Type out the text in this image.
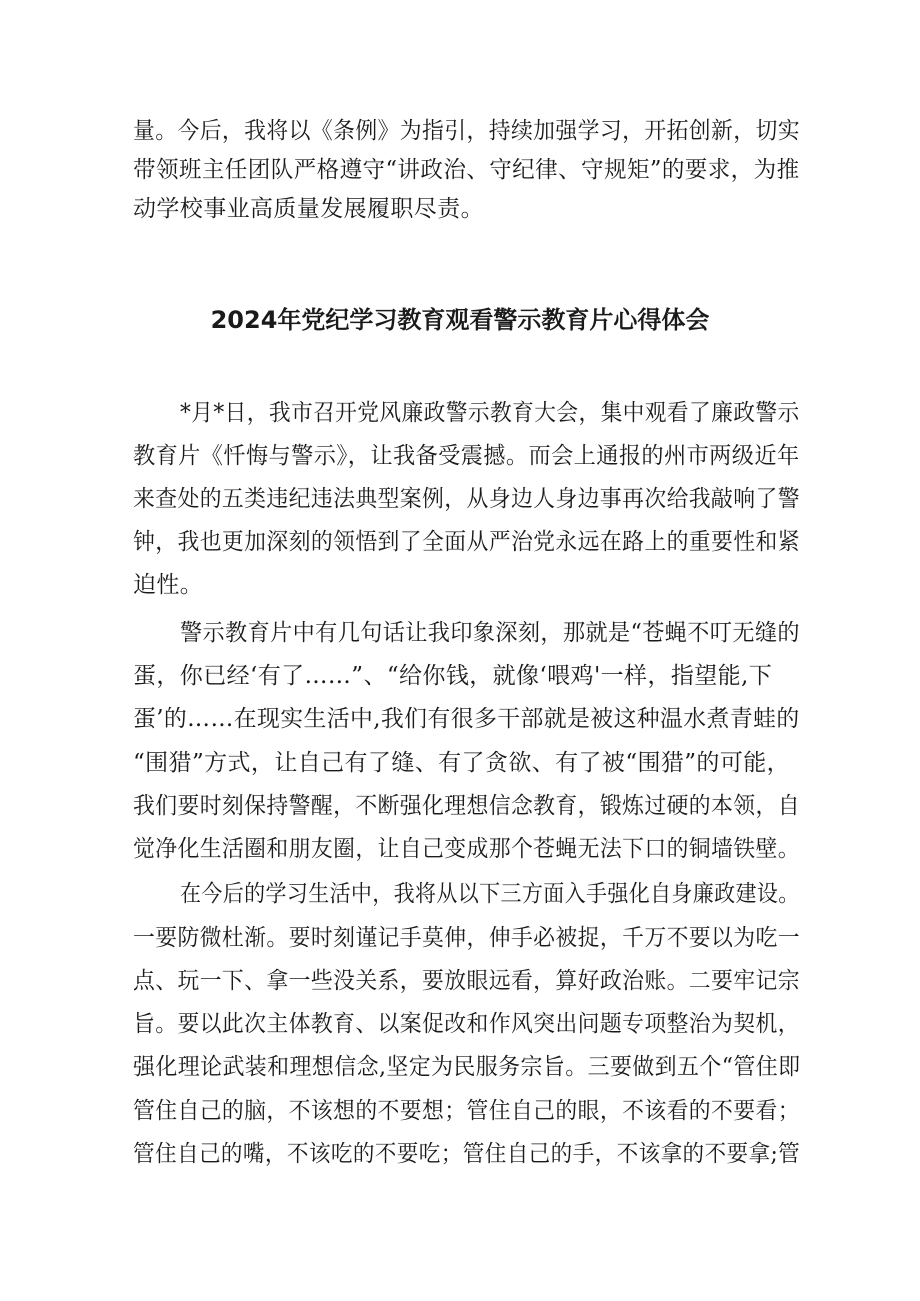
量。今后，我将以《条例》为指引，持续加强学习，开拓创新，切实
带领班主任团队严格遵守“讲政治、守纪律、守规矩”的要求，为推
动学校事业高质量发展履职尽责。
2024年党纪学习教育观看警示教育片心得体会
*月*日，我市召开党风廉政警示教育大会，集中观看了廉政警示
教育片《忏悔与警示》，让我备受震撼。而会上通报的州市两级近年
来查处的五类违纪违法典型案例，从身边人身边事再次给我敲响了警
钟，我也更加深刻的领悟到了全面从严治党永远在路上的重要性和紧
迫性。
警示教育片中有几句话让我印象深刻，那就是“苍蝇不叮无缝的
蛋，你已经‘有了……”、“给你钱，就像‘喂鸡'一样，指望能,下
蛋’的……在现实生活中,我们有很多干部就是被这种温水煮青蛙的
“围猎”方式，让自己有了缝、有了贪欲、有了被“围猎”的可能，
我们要时刻保持警醒，不断强化理想信念教育，锻炼过硬的本领，自
觉净化生活圈和朋友圈，让自己变成那个苍蝇无法下口的铜墙铁壁。
在今后的学习生活中，我将从以下三方面入手强化自身廉政建设。
一要防微杜渐。要时刻谨记手莫伸，伸手必被捉，千万不要以为吃一
点、玩一下、拿一些没关系，要放眼远看，算好政治账。二要牢记宗
旨。要以此次主体教育、以案促改和作风突出问题专项整治为契机，
强化理论武装和理想信念,坚定为民服务宗旨。三要做到五个“管住即
管住自己的脑，不该想的不要想；管住自己的眼，不该看的不要看；
管住自己的嘴，不该吃的不要吃；管住自己的手，不该拿的不要拿;管
